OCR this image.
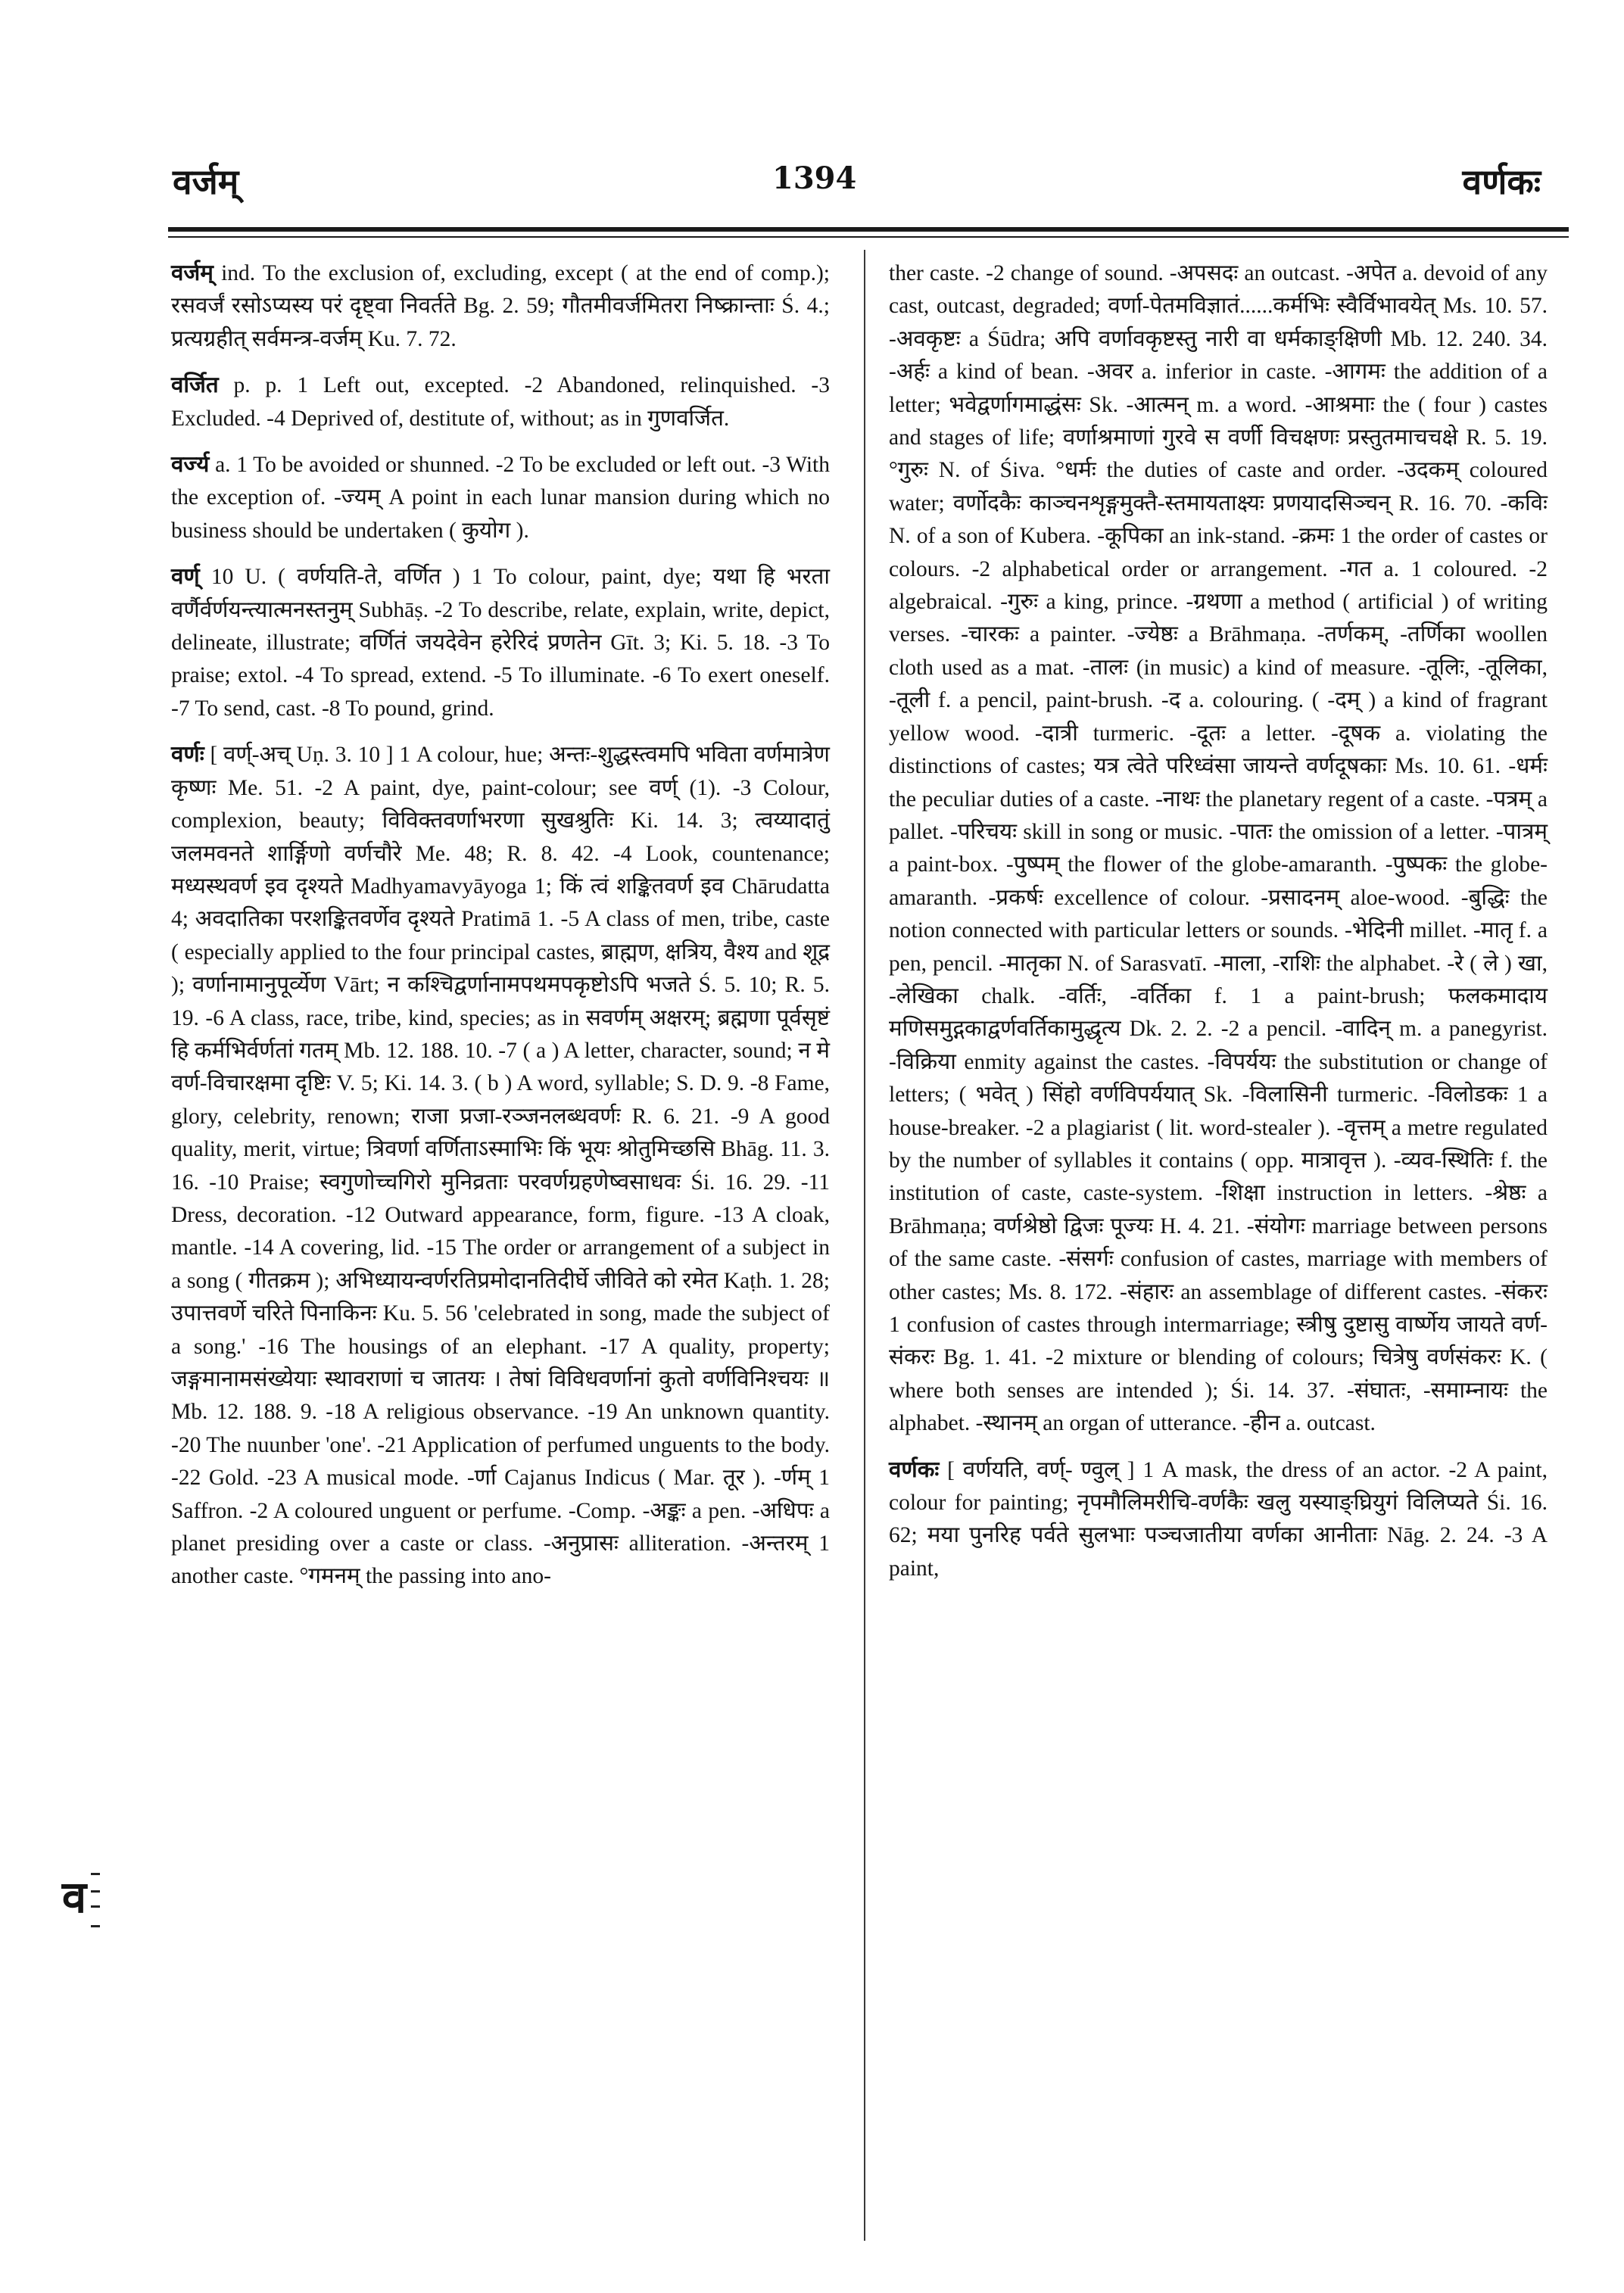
वर्जम्	1394	वर्णकः
व

वर्जम् ind. To the exclusion of, excluding, except ( at the end of comp.); रसवर्जं रसोऽप्यस्य परं दृष्ट्वा निवर्तते Bg. 2. 59; गौतमीवर्जमितरा निष्क्रान्ताः Ś. 4.; प्रत्यग्रहीत् सर्वमन्त्र-वर्जम् Ku. 7. 72.

वर्जित p. p. 1 Left out, excepted. -2 Abandoned, relinquished. -3 Excluded. -4 Deprived of, destitute of, without; as in गुणवर्जित.

वर्ज्य a. 1 To be avoided or shunned. -2 To be excluded or left out. -3 With the exception of. -ज्यम् A point in each lunar mansion during which no business should be undertaken ( कुयोग ).

वर्ण् 10 U. ( वर्णयति-ते, वर्णित ) 1 To colour, paint, dye; यथा हि भरता वर्णैर्वर्णयन्त्यात्मनस्तनुम् Subhāṣ. -2 To describe, relate, explain, write, depict, delineate, illustrate; वर्णितं जयदेवेन हरेरिदं प्रणतेन Gīt. 3; Ki. 5. 18. -3 To praise; extol. -4 To spread, extend. -5 To illuminate. -6 To exert oneself. -7 To send, cast. -8 To pound, grind.

वर्णः [ वर्ण्-अच् Uṇ. 3. 10 ] 1 A colour, hue; अन्तः-शुद्धस्त्वमपि भविता वर्णमात्रेण कृष्णः Me. 51. -2 A paint, dye, paint-colour; see वर्ण् (1). -3 Colour, complexion, beauty; विविक्तवर्णाभरणा सुखश्रुतिः Ki. 14. 3; त्वय्यादातुं जलमवनते शार्ङ्गिणो वर्णचौरे Me. 48; R. 8. 42. -4 Look, countenance; मध्यस्थवर्ण इव दृश्यते Madhyamavyāyoga 1; किं त्वं शङ्कितवर्ण इव Chārudatta 4; अवदातिका परशङ्कितवर्णेव दृश्यते Pratimā 1. -5 A class of men, tribe, caste ( especially applied to the four principal castes, ब्राह्मण, क्षत्रिय, वैश्य and शूद्र ); वर्णानामानुपूर्व्येण Vārt; न कश्चिद्वर्णानामपथमपकृष्टोऽपि भजते Ś. 5. 10; R. 5. 19. -6 A class, race, tribe, kind, species; as in सवर्णम् अक्षरम्; ब्रह्मणा पूर्वसृष्टं हि कर्मभिर्वर्णतां गतम् Mb. 12. 188. 10. -7 ( a ) A letter, character, sound; न मे वर्ण-विचारक्षमा दृष्टिः V. 5; Ki. 14. 3. ( b ) A word, syllable; S. D. 9. -8 Fame, glory, celebrity, renown; राजा प्रजा-रञ्जनलब्धवर्णः R. 6. 21. -9 A good quality, merit, virtue; त्रिवर्णा वर्णिताऽस्माभिः किं भूयः श्रोतुमिच्छसि Bhāg. 11. 3. 16. -10 Praise; स्वगुणोच्चगिरो मुनिव्रताः परवर्णग्रहणेष्वसाधवः Śi. 16. 29. -11 Dress, decoration. -12 Outward appearance, form, figure. -13 A cloak, mantle. -14 A covering, lid. -15 The order or arrangement of a subject in a song ( गीतक्रम ); अभिध्यायन्वर्णरतिप्रमोदानतिदीर्घे जीविते को रमेत Kaṭh. 1. 28; उपात्तवर्णे चरिते पिनाकिनः Ku. 5. 56 'celebrated in song, made the subject of a song.' -16 The housings of an elephant. -17 A quality, property; जङ्गमानामसंख्येयाः स्थावराणां च जातयः । तेषां विविधवर्णानां कुतो वर्णविनिश्चयः ॥ Mb. 12. 188. 9. -18 A religious observance. -19 An unknown quantity. -20 The nuunber 'one'. -21 Application of perfumed unguents to the body. -22 Gold. -23 A musical mode. -र्णा Cajanus Indicus ( Mar. तूर ). -र्णम् 1 Saffron. -2 A coloured unguent or perfume. -Comp. -अङ्कः a pen. -अधिपः a planet presiding over a caste or class. -अनुप्रासः alliteration. -अन्तरम् 1 another caste. °गमनम् the passing into ano-

ther caste. -2 change of sound. -अपसदः an outcast. -अपेत a. devoid of any cast, outcast, degraded; वर्णा-पेतमविज्ञातं......कर्मभिः स्वैर्विभावयेत् Ms. 10. 57. -अवकृष्टः a Śūdra; अपि वर्णावकृष्टस्तु नारी वा धर्मकाङ्क्षिणी Mb. 12. 240. 34. -अर्हः a kind of bean. -अवर a. inferior in caste. -आगमः the addition of a letter; भवेद्वर्णागमाद्धंसः Sk. -आत्मन् m. a word. -आश्रमाः the ( four ) castes and stages of life; वर्णाश्रमाणां गुरवे स वर्णी विचक्षणः प्रस्तुतमाचचक्षे R. 5. 19. °गुरुः N. of Śiva. °धर्मः the duties of caste and order. -उदकम् coloured water; वर्णोदकैः काञ्चनशृङ्गमुक्तै-स्तमायताक्ष्यः प्रणयादसिञ्चन् R. 16. 70. -कविः N. of a son of Kubera. -कूपिका an ink-stand. -क्रमः 1 the order of castes or colours. -2 alphabetical order or arrangement. -गत a. 1 coloured. -2 algebraical. -गुरुः a king, prince. -ग्रथणा a method ( artificial ) of writing verses. -चारकः a painter. -ज्येष्ठः a Brāhmaṇa. -तर्णकम्, -तर्णिका woollen cloth used as a mat. -तालः (in music) a kind of measure. -तूलिः, -तूलिका, -तूली f. a pencil, paint-brush. -द a. colouring. ( -दम् ) a kind of fragrant yellow wood. -दात्री turmeric. -दूतः a letter. -दूषक a. violating the distinctions of castes; यत्र त्वेते परिध्वंसा जायन्ते वर्णदूषकाः Ms. 10. 61. -धर्मः the peculiar duties of a caste. -नाथः the planetary regent of a caste. -पत्रम् a pallet. -परिचयः skill in song or music. -पातः the omission of a letter. -पात्रम् a paint-box. -पुष्पम् the flower of the globe-amaranth. -पुष्पकः the globe-amaranth. -प्रकर्षः excellence of colour. -प्रसादनम् aloe-wood. -बुद्धिः the notion connected with particular letters or sounds. -भेदिनी millet. -मातृ f. a pen, pencil. -मातृका N. of Sarasvatī. -माला, -राशिः the alphabet. -रे ( ले ) खा, -लेखिका chalk. -वर्तिः, -वर्तिका f. 1 a paint-brush; फलकमादाय मणिसमुद्गकाद्वर्णवर्तिकामुद्धृत्य Dk. 2. 2. -2 a pencil. -वादिन् m. a panegyrist. -विक्रिया enmity against the castes. -विपर्ययः the substitution or change of letters; ( भवेत् ) सिंहो वर्णविपर्ययात् Sk. -विलासिनी turmeric. -विलोडकः 1 a house-breaker. -2 a plagiarist ( lit. word-stealer ). -वृत्तम् a metre regulated by the number of syllables it contains ( opp. मात्रावृत्त ). -व्यव-स्थितिः f. the institution of caste, caste-system. -शिक्षा instruction in letters. -श्रेष्ठः a Brāhmaṇa; वर्णश्रेष्ठो द्विजः पूज्यः H. 4. 21. -संयोगः marriage between persons of the same caste. -संसर्गः confusion of castes, marriage with members of other castes; Ms. 8. 172. -संहारः an assemblage of different castes. -संकरः 1 confusion of castes through intermarriage; स्त्रीषु दुष्टासु वार्ष्णेय जायते वर्ण-संकरः Bg. 1. 41. -2 mixture or blending of colours; चित्रेषु वर्णसंकरः K. ( where both senses are intended ); Śi. 14. 37. -संघातः, -समाम्नायः the alphabet. -स्थानम् an organ of utterance. -हीन a. outcast.

वर्णकः [ वर्णयति, वर्ण्- ण्वुल् ] 1 A mask, the dress of an actor. -2 A paint, colour for painting; नृपमौलिमरीचि-वर्णकैः खलु यस्याङ्घ्रियुगं विलिप्यते Śi. 16. 62; मया पुनरिह पर्वते सुलभाः पञ्चजातीया वर्णका आनीताः Nāg. 2. 24. -3 A paint,
